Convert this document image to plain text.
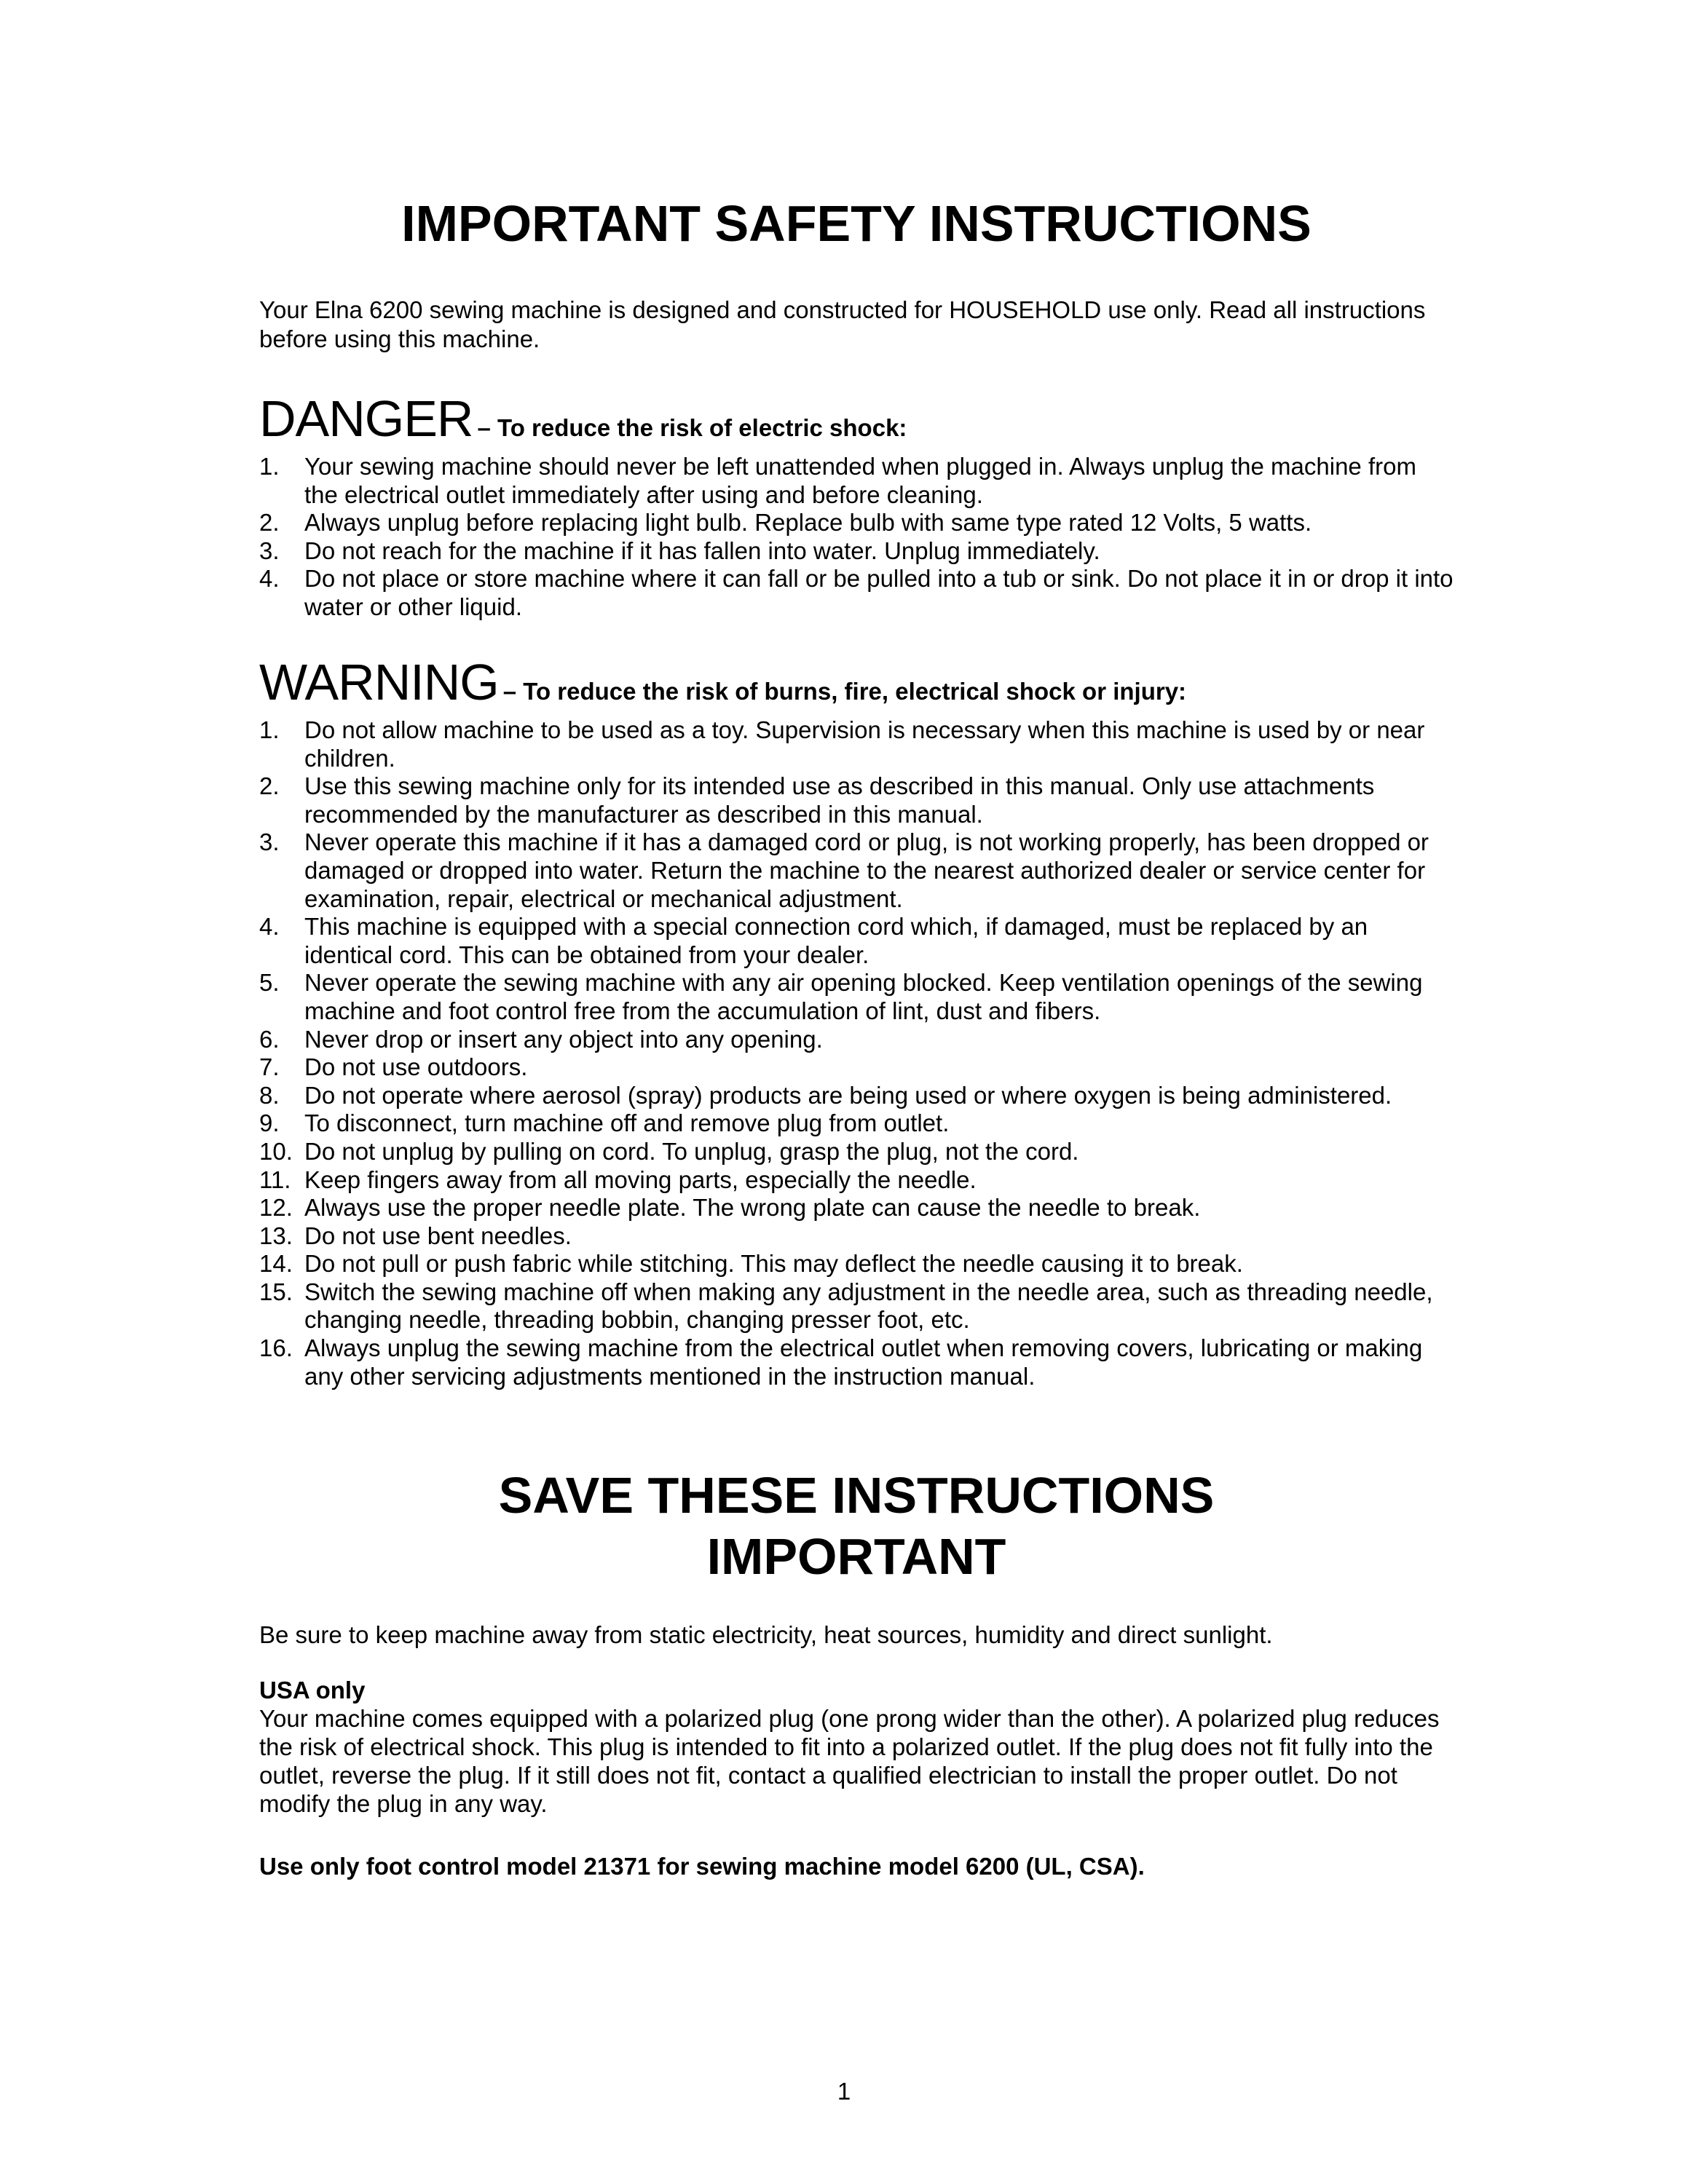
IMPORTANT SAFETY INSTRUCTIONS

Your Elna 6200 sewing machine is designed and constructed for HOUSEHOLD use only. Read all instructions before using this machine.

DANGER – To reduce the risk of electric shock:
1. Your sewing machine should never be left unattended when plugged in. Always unplug the machine from the electrical outlet immediately after using and before cleaning.
2. Always unplug before replacing light bulb. Replace bulb with same type rated 12 Volts, 5 watts.
3. Do not reach for the machine if it has fallen into water. Unplug immediately.
4. Do not place or store machine where it can fall or be pulled into a tub or sink. Do not place it in or drop it into water or other liquid.
WARNING – To reduce the risk of burns, fire, electrical shock or injury:
1. Do not allow machine to be used as a toy. Supervision is necessary when this machine is used by or near children.
2. Use this sewing machine only for its intended use as described in this manual. Only use attachments recommended by the manufacturer as described in this manual.
3. Never operate this machine if it has a damaged cord or plug, is not working properly, has been dropped or damaged or dropped into water. Return the machine to the nearest authorized dealer or service center for examination, repair, electrical or mechanical adjustment.
4. This machine is equipped with a special connection cord which, if damaged, must be replaced by an identical cord. This can be obtained from your dealer.
5. Never operate the sewing machine with any air opening blocked. Keep ventilation openings of the sewing machine and foot control free from the accumulation of lint, dust and fibers.
6. Never drop or insert any object into any opening.
7. Do not use outdoors.
8. Do not operate where aerosol (spray) products are being used or where oxygen is being administered.
9. To disconnect, turn machine off and remove plug from outlet.
10. Do not unplug by pulling on cord. To unplug, grasp the plug, not the cord.
11. Keep fingers away from all moving parts, especially the needle.
12. Always use the proper needle plate. The wrong plate can cause the needle to break.
13. Do not use bent needles.
14. Do not pull or push fabric while stitching. This may deflect the needle causing it to break.
15. Switch the sewing machine off when making any adjustment in the needle area, such as threading needle, changing needle, threading bobbin, changing presser foot, etc.
16. Always unplug the sewing machine from the electrical outlet when removing covers, lubricating or making any other servicing adjustments mentioned in the instruction manual.
SAVE THESE INSTRUCTIONS
IMPORTANT

Be sure to keep machine away from static electricity, heat sources, humidity and direct sunlight.

USA only
Your machine comes equipped with a polarized plug (one prong wider than the other). A polarized plug reduces the risk of electrical shock. This plug is intended to fit into a polarized outlet. If the plug does not fit fully into the outlet, reverse the plug. If it still does not fit, contact a qualified electrician to install the proper outlet. Do not modify the plug in any way.

Use only foot control model 21371 for sewing machine model 6200 (UL, CSA).

1
